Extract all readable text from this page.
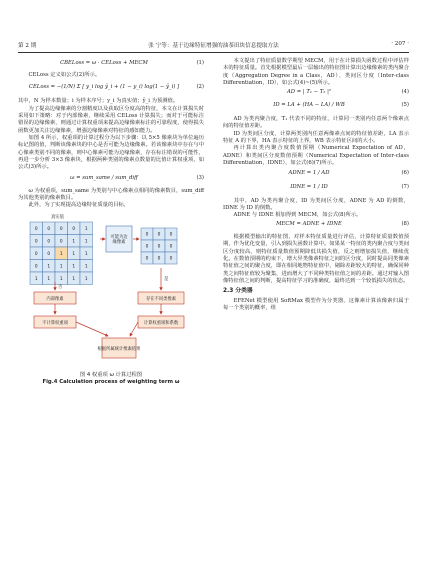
第 2 期	张 宁等：基于边缘特征增强的油茶田块信息提取方法	· 207 ·
CBELoss = ω · CELoss + MECM	(1)

CELoss 定义如公式(2)所示。

CELoss = −(1/N) Σ [ y_i log ŷ_i + (1 − y_i) log(1 − ŷ_i) ]	(2)

其中，N 为样本数量；i 为样本序号；y_i 为真实值；ŷ_i 为预测值。

为了提高边缘像素的分割精度以及获取区分度高的特征，本文在计算损失时采用如下策略：对于内部像素，继续采用 CELoss 计算损失；而对于可能标注错误的边缘像素，则通过计算权重项来提高边缘像素标注的可靠程度，使得损失函数更加关注边缘像素，增强边缘像素对特征的感知能力。

如图 4 所示，权重项的计算过程分为以下步骤：以 5×5 像素块为单位遍历标记图的值，判断该像素块的中心是否可能为边缘像素。若该像素块中存在与中心像素类别不同的像素，则中心像素可能为边缘像素，存在标注错误的可能性，再进一步分析 3×3 像素块，根据两种类别的像素点数量的比值计算权重项，如公式(3)所示。

ω = sum_same / sum_diff	(3)

ω 为权重项，sum_same 为类别与中心像素点相同的像素数目，sum_diff 为其他类别的像素数目。

此外，为了实现提高边缘特征质量的目标，

真实值
0 0 0 0 1
0 0 0 1 1
0 0 1 1 1
0 1 1 1 1
1 1 1 1 1
可能为边缘像素
0 0 0
0 0 0
0 0 0
内部像素
不计算权重项
存在不同类像素
计算权重项和系数
根据所属统计像素结果
否
是
图 4 权重项 ω 计算过程图
Fig.4 Calculation process of weighting term ω

本文提出了特征质量数学期望 MECM，用于在计算损失函数过程中评估样本的特征质量。首先根据模型最后一层输出的特征图计算出边缘像素的类内聚合度（Aggregation Degree in a Class，AD）、类间区分度（Inter-class Differentiation，ID），如公式(4)~(5)所示。

AD = | T₁ − T₂ |²	(4)
ID = LA + (HA − LA) / WB	(5)

AD 为类内聚合度，T₁ 代表不同的特征，计算同一类别内任意两个像素点间的特征值差距。

ID 为类间区分度，计算两类别内任意两像素点间的特征值差距，LA 表示特征 A 的下界，HA 表示特征的上界，WB 表示特征区间的大小。

再计算出类内聚合度数值预期（Numerical Expectation of AD，ADNE）和类间区分度数值预期（Numerical Expectation of Inter-class Differentiation，IDNE），如公式(6)(7)所示。

ADNE = 1 / AD	(6)
IDNE = 1 / ID	(7)

其中，AD 为类内聚合度，ID 为类间区分度，ADNE 为 AD 的倒数，IDNE 为 ID 的倒数。

ADNE 与 IDNE 相加得到 MECM，如公式(8)所示。

MECM = ADNE + IDNE	(8)

根据模型输出的特征图，对样本特征质量进行评估，计算特征质量数值预期，作为优化变量，引入到损失函数计算中。如果某一特征的类内聚合度与类间区分度较高，则特征质量数值预期降低其损失值，反之则增加损失值，继续优化。在数值预期的约束下，增大异类像素特征之间的区分度，同时提高同类像素特征值之间的聚合度，即在相同地物特征值中，剔除差距较大的特征，确保同种类之间特征值较为聚集，进而增大了不同种类特征值之间的差距。通过对输入图像特征值之间的判断，提高特征学习的准确度，最终达到一个较低损失的状态。

2.3 分类器

EFENet 模型使用 SoftMax 模型作为分类器，这像素计算该像素归属于每一个类别的概率，组
